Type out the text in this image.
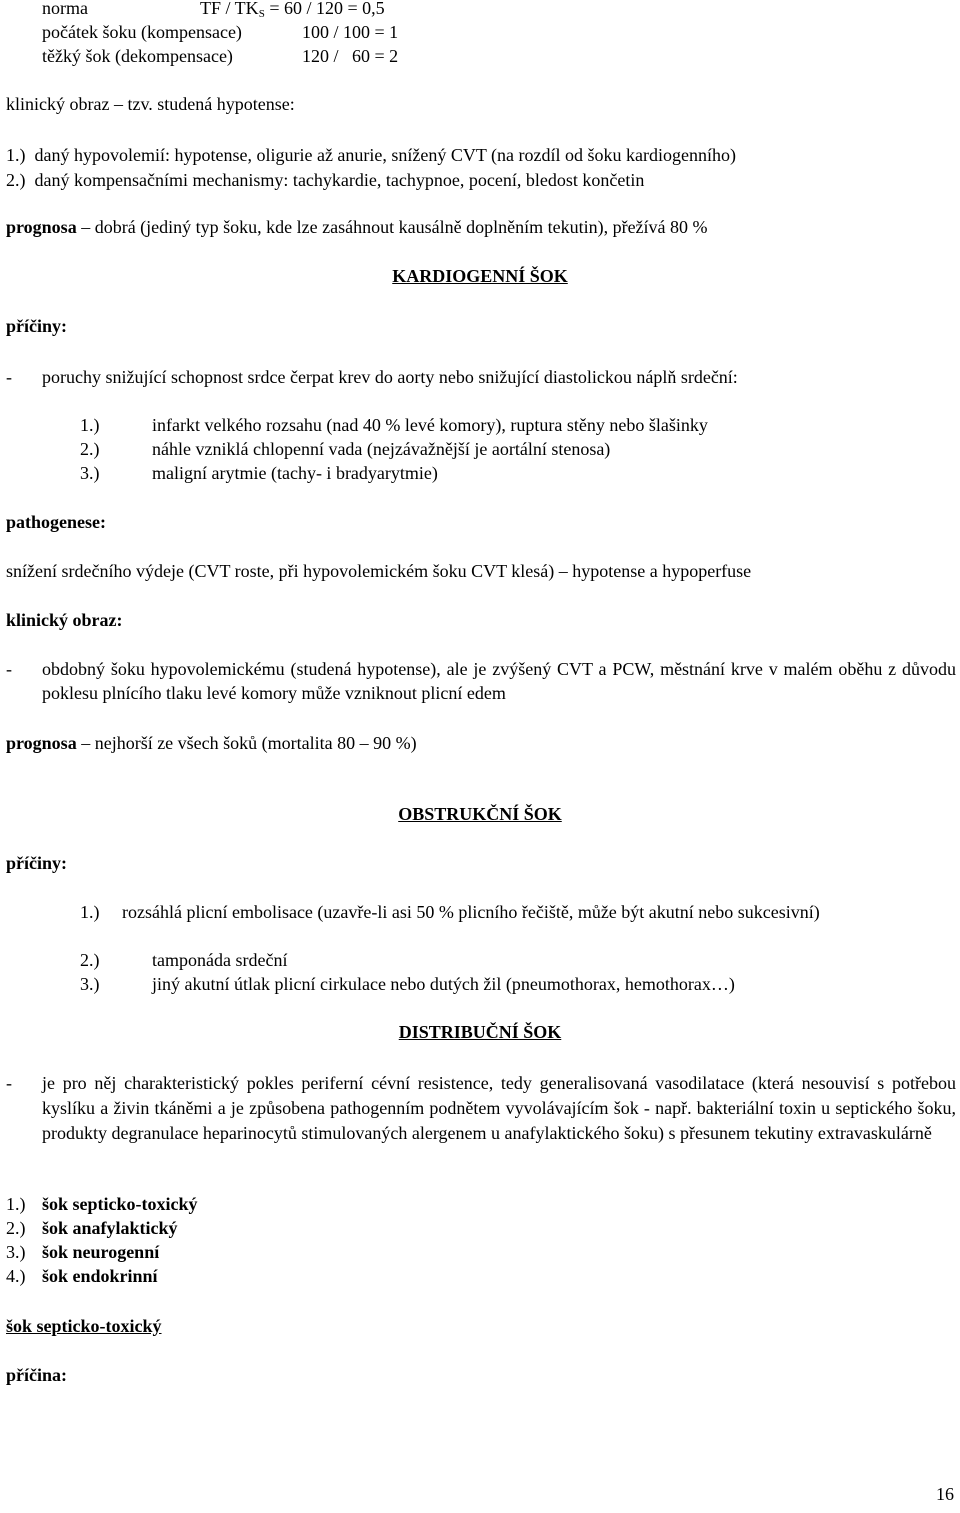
norma	TF / $TK_S = 60 / 120 = 0,5$
počátek šoku (kompensace)	100 / 100 = 1
těžký šok (dekompensace)	120 /   60 = 2
klinický obraz – tzv. studená hypotense:
1.)  daný hypovolemií: hypotense, oligurie až anurie, snížený CVT (na rozdíl od šoku kardiogenního)
2.)  daný kompensačními mechanismy: tachykardie, tachypnoe, pocení, bledost končetin
prognosa – dobrá (jediný typ šoku, kde lze zasáhnout kausálně doplněním tekutin), přežívá 80 %
KARDIOGENNÍ ŠOK
příčiny:
- poruchy snižující schopnost srdce čerpat krev do aorty nebo snižující diastolickou náplň srdeční:
1.)	infarkt velkého rozsahu (nad 40 % levé komory), ruptura stěny nebo šlašinky
2.)	náhle vzniklá chlopenní vada (nejzávažnější je aortální stenosa)
3.)	maligní arytmie (tachy- i bradyarytmie)
pathogenese:
snížení srdečního výdeje (CVT roste, při hypovolemickém šoku CVT klesá) – hypotense a hypoperfuse
klinický obraz:
- obdobný šoku hypovolemickému (studená hypotense), ale je zvýšený CVT a PCW, městnání krve v malém oběhu z důvodu poklesu plnícího tlaku levé komory může vzniknout plicní edem
prognosa – nejhorší ze všech šoků (mortalita 80 – 90 %)
OBSTRUKČNÍ ŠOK
příčiny:
1.)     rozsáhlá plicní embolisace (uzavře-li asi 50 % plicního řečiště, může být akutní nebo sukcesivní)
2.)	tamponáda srdeční
3.)	jiný akutní útlak plicní cirkulace nebo dutých žil (pneumothorax, hemothorax…)
DISTRIBUČNÍ ŠOK
- je pro něj charakteristický pokles periferní cévní resistence, tedy generalisovaná vasodilatace (která nesouvisí s potřebou kyslíku a živin tkáněmi a je způsobena pathogenním podnětem vyvolávajícím šok - např. bakteriální toxin u septického šoku, produkty degranulace heparinocytů stimulovaných alergenem u anafylaktického šoku) s přesunem tekutiny extravaskulárně
1.) šok septicko-toxický
2.) šok anafylaktický
3.) šok neurogenní
4.) šok endokrinní
šok septicko-toxický
příčina:
16
